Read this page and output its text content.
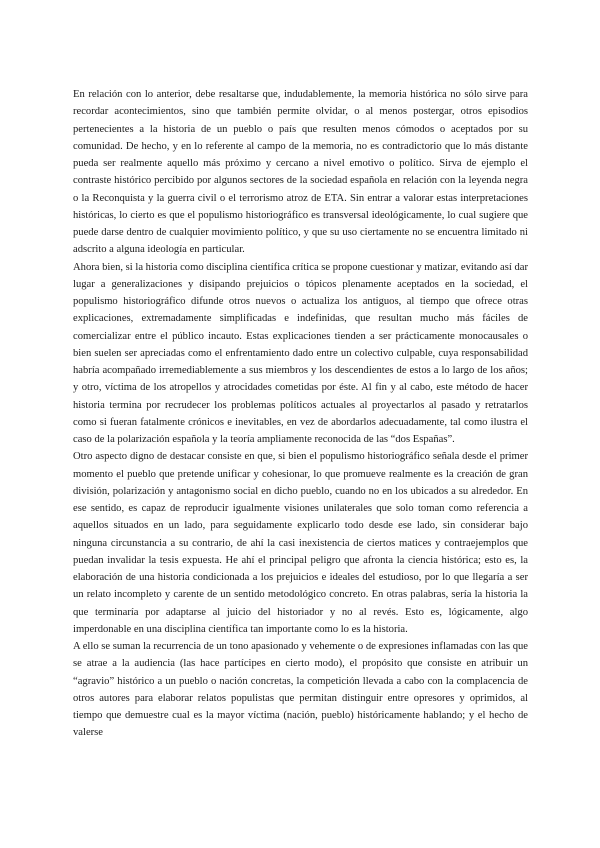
En relación con lo anterior, debe resaltarse que, indudablemente, la memoria histórica no sólo sirve para recordar acontecimientos, sino que también permite olvidar, o al menos postergar, otros episodios pertenecientes a la historia de un pueblo o país que resulten menos cómodos o aceptados por su comunidad. De hecho, y en lo referente al campo de la memoria, no es contradictorio que lo más distante pueda ser realmente aquello más próximo y cercano a nivel emotivo o político. Sirva de ejemplo el contraste histórico percibido por algunos sectores de la sociedad española en relación con la leyenda negra o la Reconquista y la guerra civil o el terrorismo atroz de ETA. Sin entrar a valorar estas interpretaciones históricas, lo cierto es que el populismo historiográfico es transversal ideológicamente, lo cual sugiere que puede darse dentro de cualquier movimiento político, y que su uso ciertamente no se encuentra limitado ni adscrito a alguna ideología en particular.

Ahora bien, si la historia como disciplina científica crítica se propone cuestionar y matizar, evitando así dar lugar a generalizaciones y disipando prejuicios o tópicos plenamente aceptados en la sociedad, el populismo historiográfico difunde otros nuevos o actualiza los antiguos, al tiempo que ofrece otras explicaciones, extremadamente simplificadas e indefinidas, que resultan mucho más fáciles de comercializar entre el público incauto. Estas explicaciones tienden a ser prácticamente monocausales o bien suelen ser apreciadas como el enfrentamiento dado entre un colectivo culpable, cuya responsabilidad habría acompañado irremediablemente a sus miembros y los descendientes de estos a lo largo de los años; y otro, víctima de los atropellos y atrocidades cometidas por éste. Al fin y al cabo, este método de hacer historia termina por recrudecer los problemas políticos actuales al proyectarlos al pasado y retratarlos como si fueran fatalmente crónicos e inevitables, en vez de abordarlos adecuadamente, tal como ilustra el caso de la polarización española y la teoría ampliamente reconocida de las “dos Españas”.

Otro aspecto digno de destacar consiste en que, si bien el populismo historiográfico señala desde el primer momento el pueblo que pretende unificar y cohesionar, lo que promueve realmente es la creación de gran división, polarización y antagonismo social en dicho pueblo, cuando no en los ubicados a su alrededor. En ese sentido, es capaz de reproducir igualmente visiones unilaterales que solo toman como referencia a aquellos situados en un lado, para seguidamente explicarlo todo desde ese lado, sin considerar bajo ninguna circunstancia a su contrario, de ahí la casi inexistencia de ciertos matices y contraejemplos que puedan invalidar la tesis expuesta. He ahí el principal peligro que afronta la ciencia histórica; esto es, la elaboración de una historia condicionada a los prejuicios e ideales del estudioso, por lo que llegaría a ser un relato incompleto y carente de un sentido metodológico concreto. En otras palabras, sería la historia la que terminaría por adaptarse al juicio del historiador y no al revés. Esto es, lógicamente, algo imperdonable en una disciplina científica tan importante como lo es la historia.

A ello se suman la recurrencia de un tono apasionado y vehemente o de expresiones inflamadas con las que se atrae a la audiencia (las hace partícipes en cierto modo), el propósito que consiste en atribuir un “agravio” histórico a un pueblo o nación concretas, la competición llevada a cabo con la complacencia de otros autores para elaborar relatos populistas que permitan distinguir entre opresores y oprimidos, al tiempo que demuestre cual es la mayor víctima (nación, pueblo) históricamente hablando; y el hecho de valerse
